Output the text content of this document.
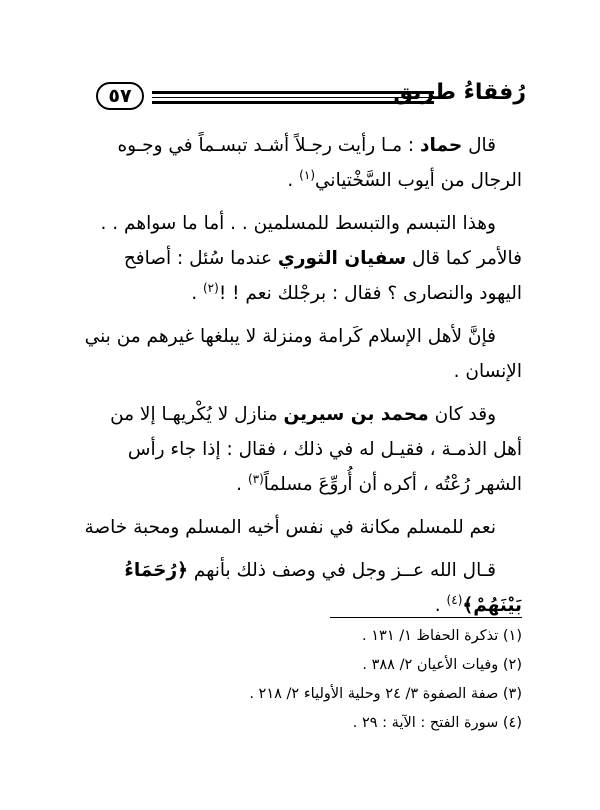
٥٧	رُفقاءُ طريق

قال حماد : مـا رأيت رجـلاً أشـد تبسـماً في وجـوه الرجال من أيوب السَّخْتياني$^{(١)}$ .

وهذا التبسم والتبسط للمسلمين . . أما ما سواهم . .

فالأمر كما قال سفيان الثوري عندما سُئل : أصافح اليهود والنصارى ؟ فقال : برجْلك نعم ! !$^{(٢)}$ .

فإنَّ لأهل الإسلام كَرامة ومنزلة لا يبلغها غيرهم من بني الإنسان .

وقد كان محمد بن سيرين منازل لا يُكْريهـا إلا من أهل الذمـة ، فقيـل له في ذلك ، فقال : إذا جاء رأس الشهر رُعْتُه ، أكره أن أُروِّعَ مسلماً$^{(٣)}$ .

نعم للمسلم مكانة في نفس أخيه المسلم ومحبة خاصة

قـال الله عــز وجل في وصف ذلك بأنهم ﴿رُحَمَاءُ بَيْنَهُمْ﴾$^{(٤)}$ .

(١) تذكرة الحفاظ ١/ ١٣١ .

(٢) وفيات الأعيان ٢/ ٣٨٨ .

(٣) صفة الصفوة ٣/ ٢٤ وحلية الأولياء ٢/ ٢١٨ .

(٤) سورة الفتح : الآية : ٢٩ .
